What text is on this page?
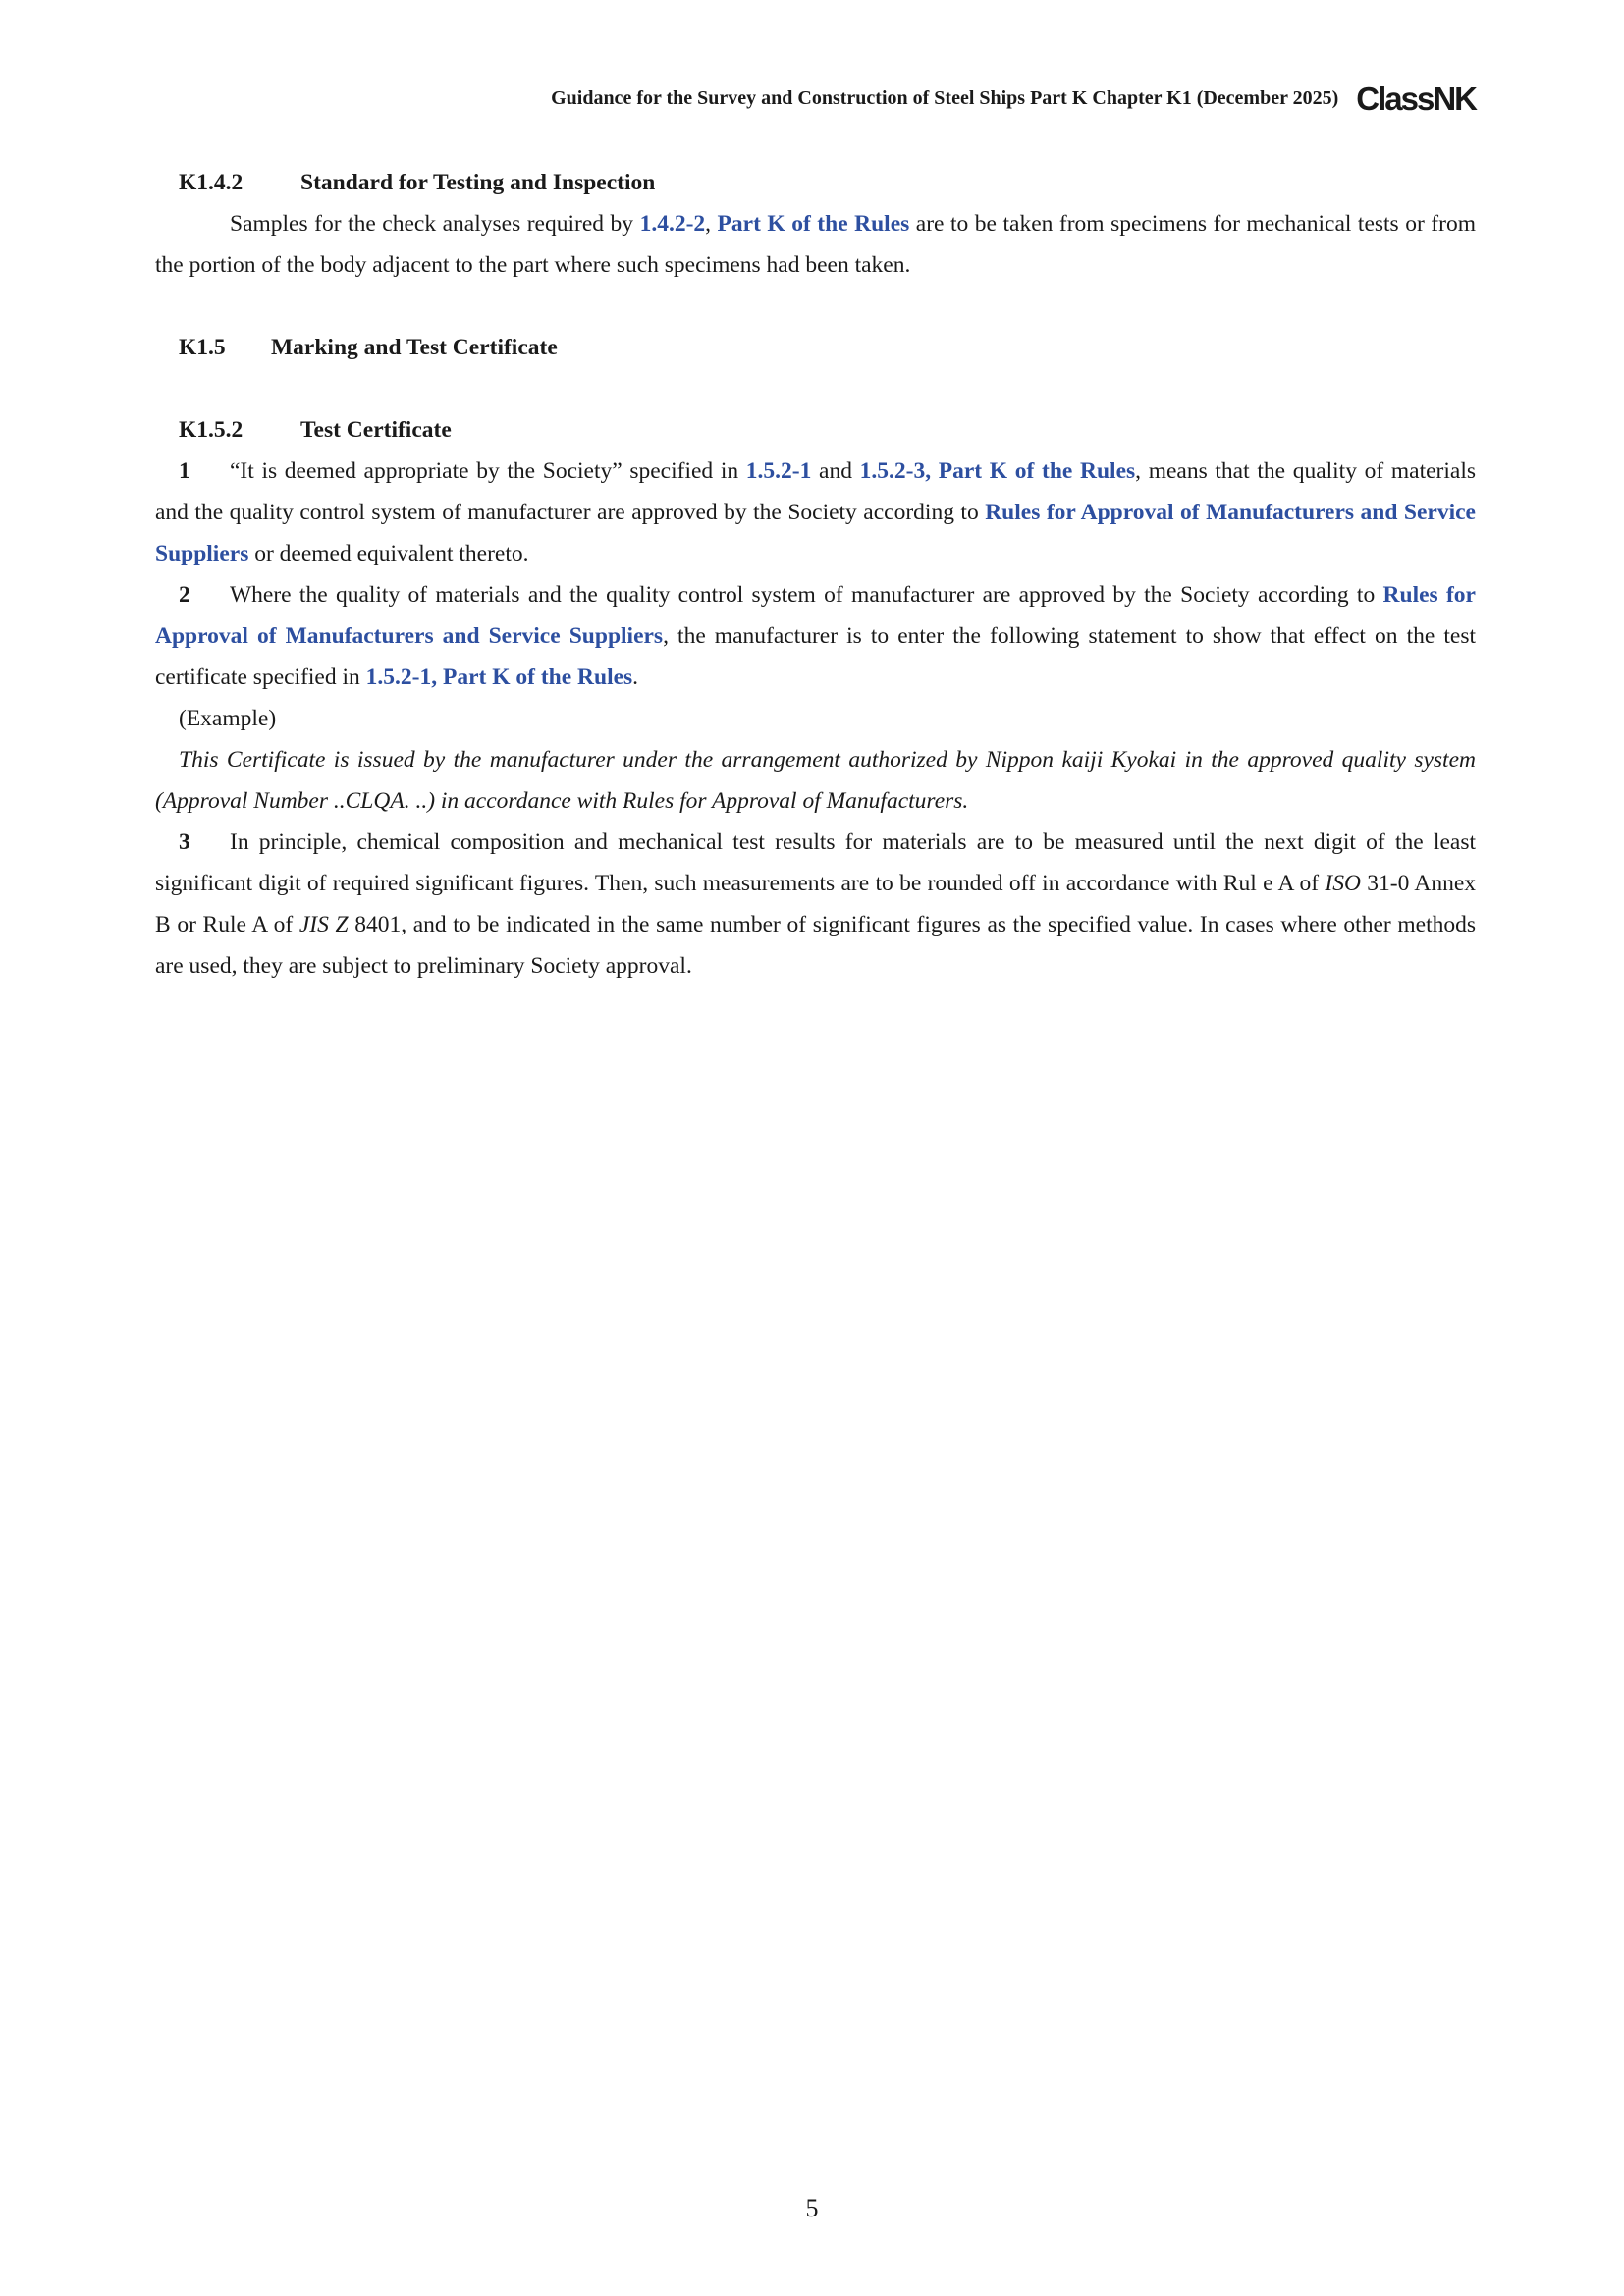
Guidance for the Survey and Construction of Steel Ships Part K Chapter K1 (December 2025) ClassNK
K1.4.2 Standard for Testing and Inspection

Samples for the check analyses required by 1.4.2-2, Part K of the Rules are to be taken from specimens for mechanical tests or from the portion of the body adjacent to the part where such specimens had been taken.

K1.5 Marking and Test Certificate
K1.5.2 Test Certificate

1 “It is deemed appropriate by the Society” specified in 1.5.2-1 and 1.5.2-3, Part K of the Rules, means that the quality of materials and the quality control system of manufacturer are approved by the Society according to Rules for Approval of Manufacturers and Service Suppliers or deemed equivalent thereto.

2 Where the quality of materials and the quality control system of manufacturer are approved by the Society according to Rules for Approval of Manufacturers and Service Suppliers, the manufacturer is to enter the following statement to show that effect on the test certificate specified in 1.5.2-1, Part K of the Rules.

(Example)

This Certificate is issued by the manufacturer under the arrangement authorized by Nippon kaiji Kyokai in the approved quality system (Approval Number ..CLQA. ..) in accordance with Rules for Approval of Manufacturers.

3 In principle, chemical composition and mechanical test results for materials are to be measured until the next digit of the least significant digit of required significant figures. Then, such measurements are to be rounded off in accordance with Rul e A of ISO 31-0 Annex B or Rule A of JIS Z 8401, and to be indicated in the same number of significant figures as the specified value. In cases where other methods are used, they are subject to preliminary Society approval.

5
